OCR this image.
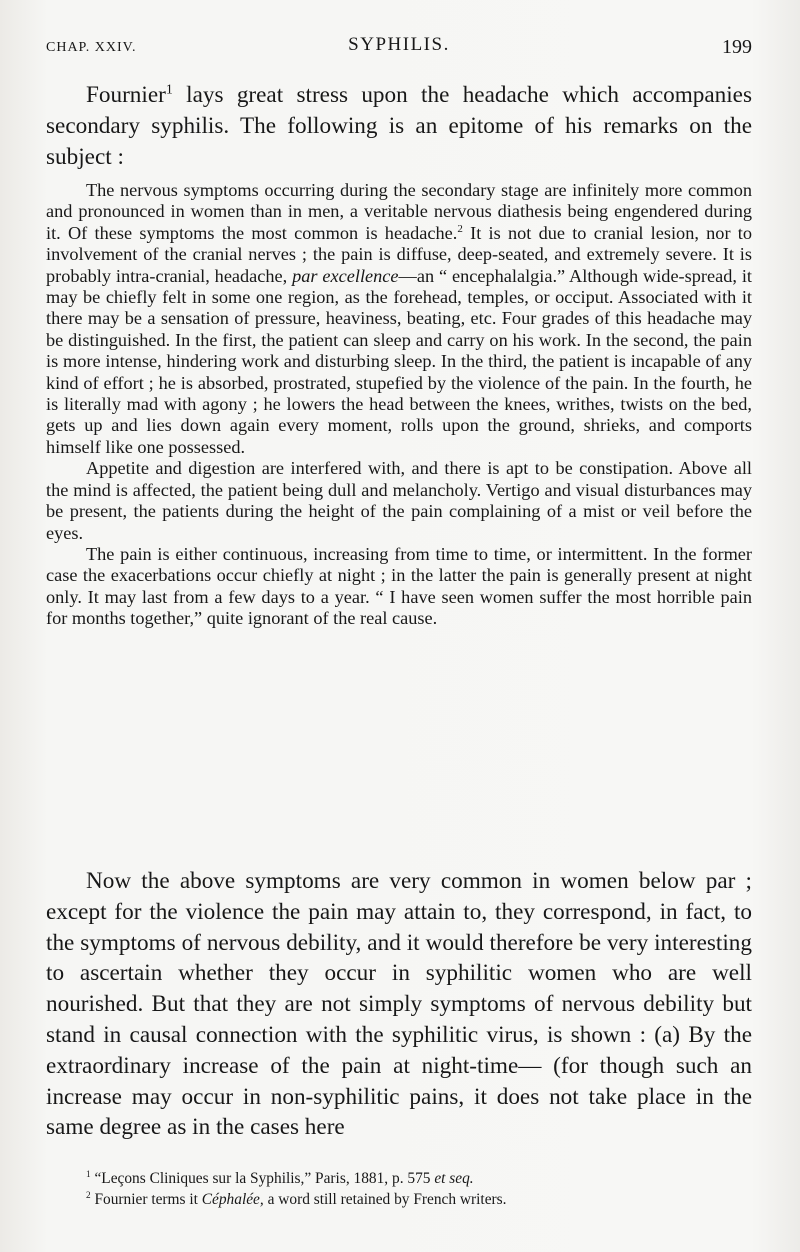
CHAP. XXIV.	SYPHILIS.	199

Fournier$^1$ lays great stress upon the headache which accompanies secondary syphilis. The following is an epitome of his remarks on the subject :

The nervous symptoms occurring during the secondary stage are infinitely more common and pronounced in women than in men, a veritable nervous diathesis being engendered during it. Of these symptoms the most common is headache.$^2$ It is not due to cranial lesion, nor to involvement of the cranial nerves ; the pain is diffuse, deep-seated, and extremely severe. It is probably intra-cranial, headache, par excellence—an “ encephalalgia.” Although wide-spread, it may be chiefly felt in some one region, as the forehead, temples, or occiput. Associated with it there may be a sensation of pressure, heaviness, beating, etc. Four grades of this headache may be distinguished. In the first, the patient can sleep and carry on his work. In the second, the pain is more intense, hindering work and disturbing sleep. In the third, the patient is incapable of any kind of effort ; he is absorbed, prostrated, stupefied by the violence of the pain. In the fourth, he is literally mad with agony ; he lowers the head between the knees, writhes, twists on the bed, gets up and lies down again every moment, rolls upon the ground, shrieks, and comports himself like one possessed.

Appetite and digestion are interfered with, and there is apt to be constipation. Above all the mind is affected, the patient being dull and melancholy. Vertigo and visual disturbances may be present, the patients during the height of the pain complaining of a mist or veil before the eyes.

The pain is either continuous, increasing from time to time, or intermittent. In the former case the exacerbations occur chiefly at night ; in the latter the pain is generally present at night only. It may last from a few days to a year. “ I have seen women suffer the most horrible pain for months together,” quite ignorant of the real cause.

Now the above symptoms are very common in women below par ; except for the violence the pain may attain to, they correspond, in fact, to the symptoms of nervous debility, and it would therefore be very interesting to ascertain whether they occur in syphilitic women who are well nourished. But that they are not simply symptoms of nervous debility but stand in causal connection with the syphilitic virus, is shown : (a) By the extraordinary increase of the pain at night-time— (for though such an increase may occur in non-syphilitic pains, it does not take place in the same degree as in the cases here

$^1$ “Leçons Cliniques sur la Syphilis,” Paris, 1881, p. 575 et seq.

$^2$ Fournier terms it Céphalée, a word still retained by French writers.
